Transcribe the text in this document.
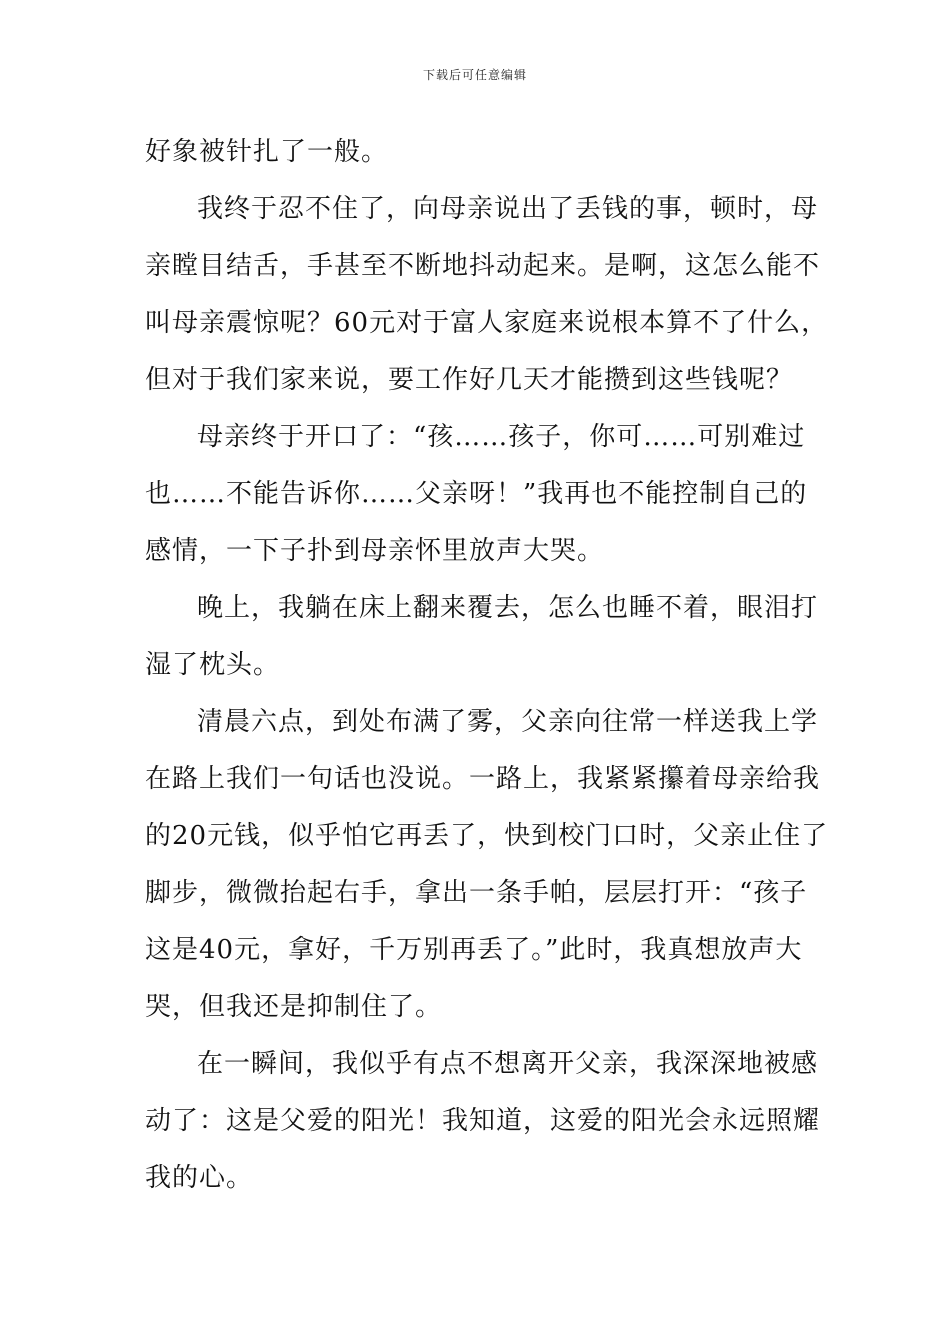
下载后可任意编辑
好象被针扎了一般。
我终于忍不住了，向母亲说出了丢钱的事，顿时，母
亲瞠目结舌，手甚至不断地抖动起来。是啊，这怎么能不
叫母亲震惊呢？60元对于富人家庭来说根本算不了什么，
但对于我们家来说，要工作好几天才能攒到这些钱呢？
母亲终于开口了：“孩……孩子，你可……可别难过
也……不能告诉你……父亲呀！”我再也不能控制自己的
感情，一下子扑到母亲怀里放声大哭。
晚上，我躺在床上翻来覆去，怎么也睡不着，眼泪打
湿了枕头。
清晨六点，到处布满了雾，父亲向往常一样送我上学
在路上我们一句话也没说。一路上，我紧紧攥着母亲给我
的20元钱，似乎怕它再丢了，快到校门口时，父亲止住了
脚步，微微抬起右手，拿出一条手帕，层层打开：“孩子
这是40元，拿好，千万别再丢了。”此时，我真想放声大
哭，但我还是抑制住了。
在一瞬间，我似乎有点不想离开父亲，我深深地被感
动了：这是父爱的阳光！我知道，这爱的阳光会永远照耀
我的心。
